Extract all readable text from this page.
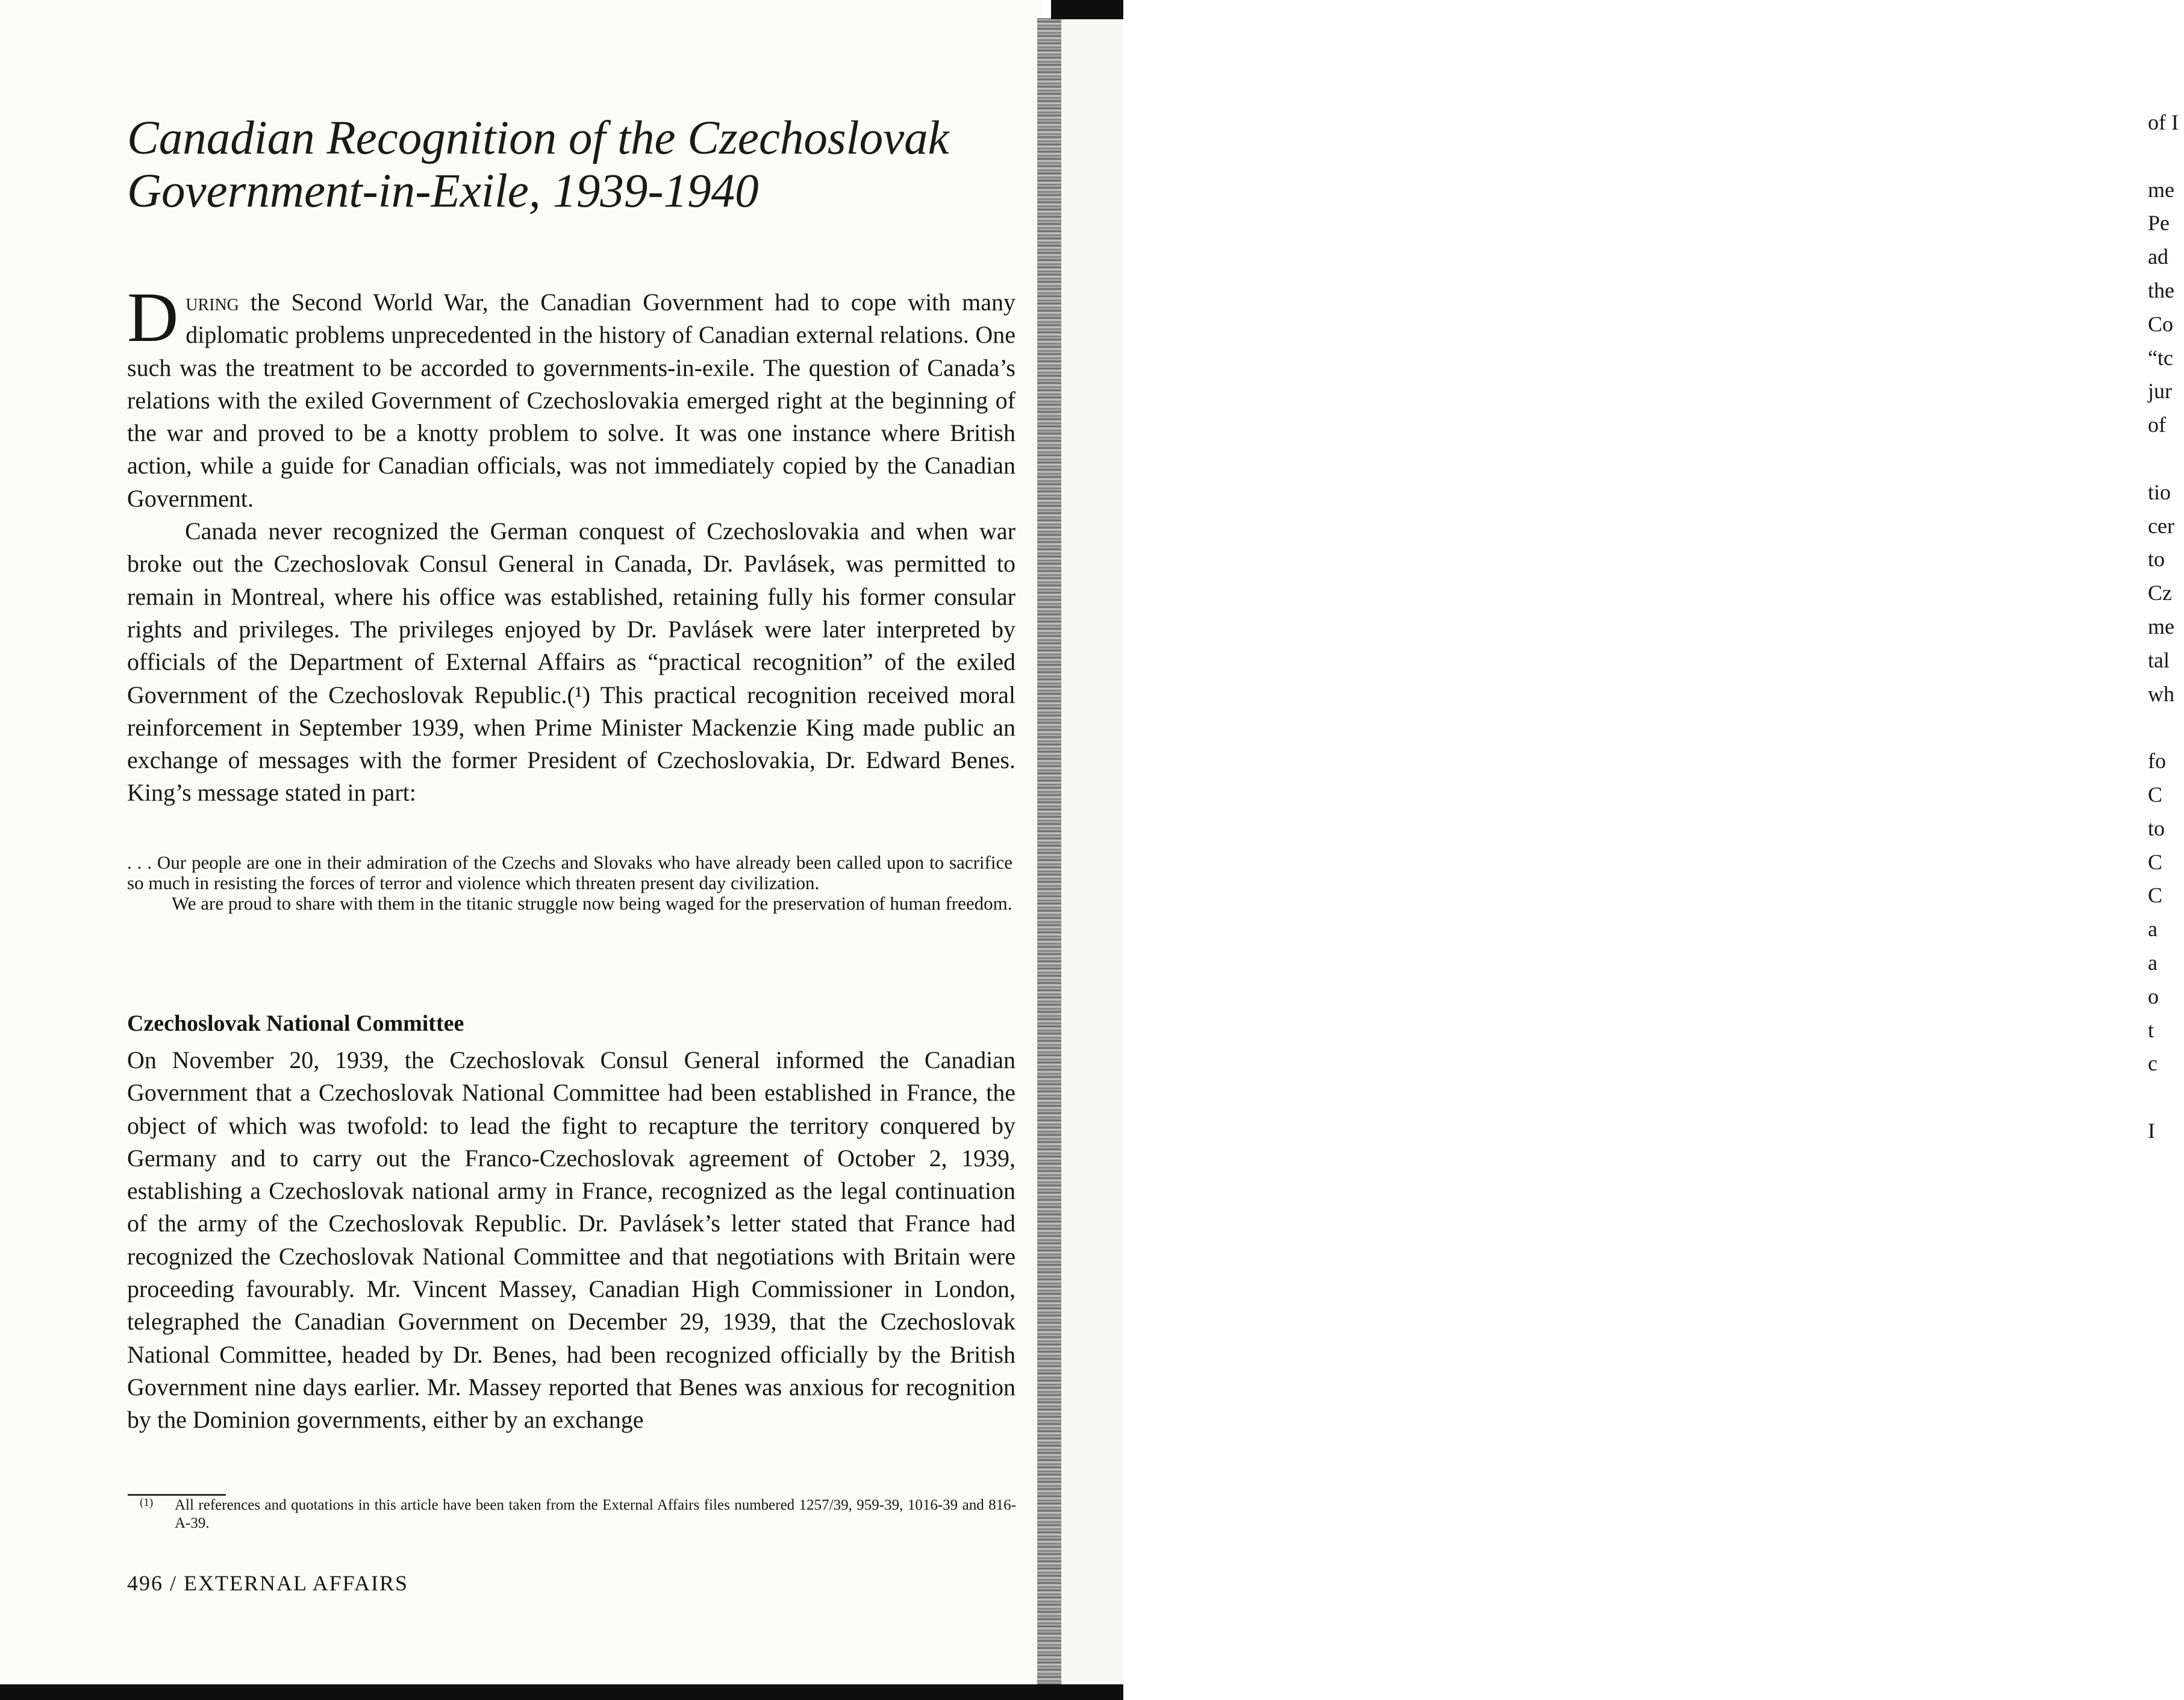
of I
me
Pe
ad
the
Co
“tc
jur
of
tio
cer
to
Cz
me
tal
wh
fo
C
to
C
C
a
a
o
t
c
I
Canadian Recognition of the Czechoslovak
Government-in-Exile, 1939-1940

During the Second World War, the Canadian Government had to cope with many diplomatic problems unprecedented in the history of Canadian external relations. One such was the treatment to be accorded to governments-in-exile. The question of Canada’s relations with the exiled Government of Czechoslovakia emerged right at the beginning of the war and proved to be a knotty problem to solve. It was one instance where British action, while a guide for Canadian officials, was not immediately copied by the Canadian Government.

Canada never recognized the German conquest of Czechoslovakia and when war broke out the Czechoslovak Consul General in Canada, Dr. Pavlásek, was permitted to remain in Montreal, where his office was established, retaining fully his former consular rights and privileges. The privileges enjoyed by Dr. Pavlásek were later interpreted by officials of the Department of External Affairs as “practical recognition” of the exiled Government of the Czechoslovak Republic.(¹) This practical recognition received moral reinforcement in September 1939, when Prime Minister Mackenzie King made public an exchange of messages with the former President of Czechoslovakia, Dr. Edward Benes. King’s message stated in part:

. . . Our people are one in their admiration of the Czechs and Slovaks who have already been called upon to sacrifice so much in resisting the forces of terror and violence which threaten present day civilization.

We are proud to share with them in the titanic struggle now being waged for the preservation of human freedom.

Czechoslovak National Committee

On November 20, 1939, the Czechoslovak Consul General informed the Canadian Government that a Czechoslovak National Committee had been established in France, the object of which was twofold: to lead the fight to recapture the territory conquered by Germany and to carry out the Franco-Czechoslovak agreement of October 2, 1939, establishing a Czechoslovak national army in France, recognized as the legal continuation of the army of the Czechoslovak Republic. Dr. Pavlásek’s letter stated that France had recognized the Czechoslovak National Committee and that negotiations with Britain were proceeding favourably. Mr. Vincent Massey, Canadian High Commissioner in London, telegraphed the Canadian Government on December 29, 1939, that the Czechoslovak National Committee, headed by Dr. Benes, had been recognized officially by the British Government nine days earlier. Mr. Massey reported that Benes was anxious for recognition by the Dominion governments, either by an exchange

(1)	All references and quotations in this article have been taken from the External Affairs files numbered 1257/39, 959-39, 1016-39 and 816-A-39.
496 / EXTERNAL AFFAIRS
